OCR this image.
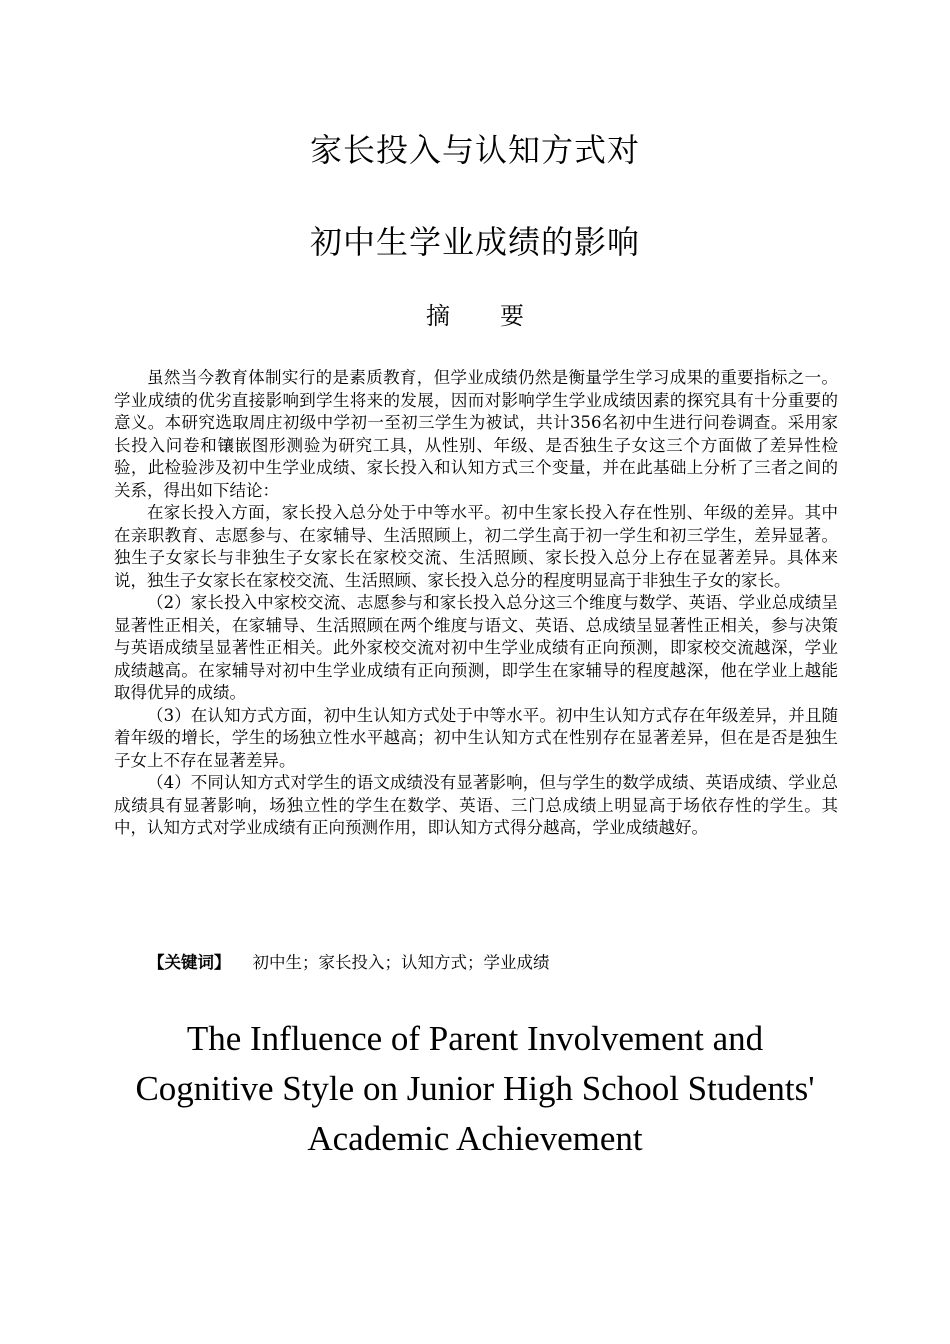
家长投入与认知方式对
初中生学业成绩的影响
摘要

虽然当今教育体制实行的是素质教育，但学业成绩仍然是衡量学生学习成果的重要指标之一。学业成绩的优劣直接影响到学生将来的发展，因而对影响学生学业成绩因素的探究具有十分重要的意义。本研究选取周庄初级中学初一至初三学生为被试，共计356名初中生进行问卷调查。采用家长投入问卷和镶嵌图形测验为研究工具，从性别、年级、是否独生子女这三个方面做了差异性检验，此检验涉及初中生学业成绩、家长投入和认知方式三个变量，并在此基础上分析了三者之间的关系，得出如下结论：

在家长投入方面，家长投入总分处于中等水平。初中生家长投入存在性别、年级的差异。其中在亲职教育、志愿参与、在家辅导、生活照顾上，初二学生高于初一学生和初三学生，差异显著。独生子女家长与非独生子女家长在家校交流、生活照顾、家长投入总分上存在显著差异。具体来说，独生子女家长在家校交流、生活照顾、家长投入总分的程度明显高于非独生子女的家长。

（2）家长投入中家校交流、志愿参与和家长投入总分这三个维度与数学、英语、学业总成绩呈显著性正相关，在家辅导、生活照顾在两个维度与语文、英语、总成绩呈显著性正相关，参与决策与英语成绩呈显著性正相关。此外家校交流对初中生学业成绩有正向预测，即家校交流越深，学业成绩越高。在家辅导对初中生学业成绩有正向预测，即学生在家辅导的程度越深，他在学业上越能取得优异的成绩。

（3）在认知方式方面，初中生认知方式处于中等水平。初中生认知方式存在年级差异，并且随着年级的增长，学生的场独立性水平越高；初中生认知方式在性别存在显著差异，但在是否是独生子女上不存在显著差异。

（4）不同认知方式对学生的语文成绩没有显著影响，但与学生的数学成绩、英语成绩、学业总成绩具有显著影响，场独立性的学生在数学、英语、三门总成绩上明显高于场依存性的学生。其中，认知方式对学业成绩有正向预测作用，即认知方式得分越高，学业成绩越好。

【关键词】 初中生；家长投入；认知方式；学业成绩
The Influence of Parent Involvement and
Cognitive Style on Junior High School Students'
Academic Achievement
